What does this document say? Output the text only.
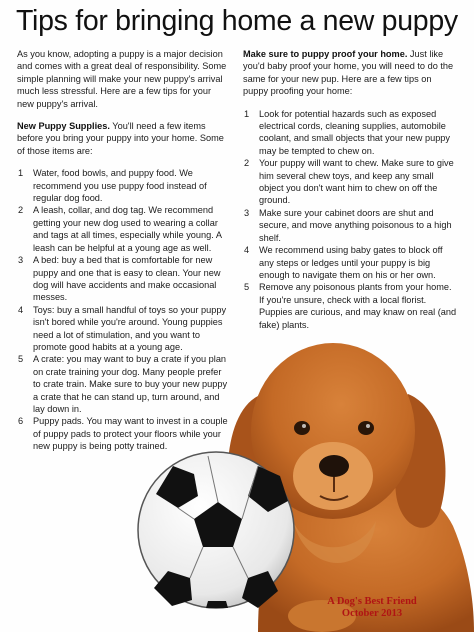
Tips for bringing home a new puppy

As you know, adopting a puppy is a major decision and comes with a great deal of responsibility. Some simple planning will make your new puppy's arrival much less stressful. Here are a few tips for your new puppy's arrival.

New Puppy Supplies. You'll need a few items before you bring your puppy into your home. Some of those items are:

1 Water, food bowls, and puppy food. We recommend you use puppy food instead of regular dog food.
2 A leash, collar, and dog tag. We recommend getting your new dog used to wearing a collar and tags at all times, especially while young. A leash can be helpful at a young age as well.
3 A bed: buy a bed that is comfortable for new puppy and one that is easy to clean. Your new dog will have accidents and make occasional messes.
4 Toys: buy a small handful of toys so your puppy isn't bored while you're around. Young puppies need a lot of stimulation, and you want to promote good habits at a young age.
5 A crate: you may want to buy a crate if you plan on crate training your dog. Many people prefer to crate train. Make sure to buy your new puppy a crate that he can stand up, turn around, and lay down in.
6 Puppy pads. You may want to invest in a couple of puppy pads to protect your floors while your new puppy is being potty trained.

Make sure to puppy proof your home. Just like you'd baby proof your home, you will need to do the same for your new pup. Here are a few tips on puppy proofing your home:

1 Look for potential hazards such as exposed electrical cords, cleaning supplies, automobile coolant, and small objects that your new puppy may be tempted to chew on.
2 Your puppy will want to chew. Make sure to give him several chew toys, and keep any small object you don't want him to chew on off the ground.
3 Make sure your cabinet doors are shut and secure, and move anything poisonous to a high shelf.
4 We recommend using baby gates to block off any steps or ledges until your puppy is big enough to navigate them on his or her own.
5 Remove any poisonous plants from your home. If you're unsure, check with a local florist. Puppies are curious, and may knaw on real (and fake) plants.
A Dog's Best Friend
October 2013
